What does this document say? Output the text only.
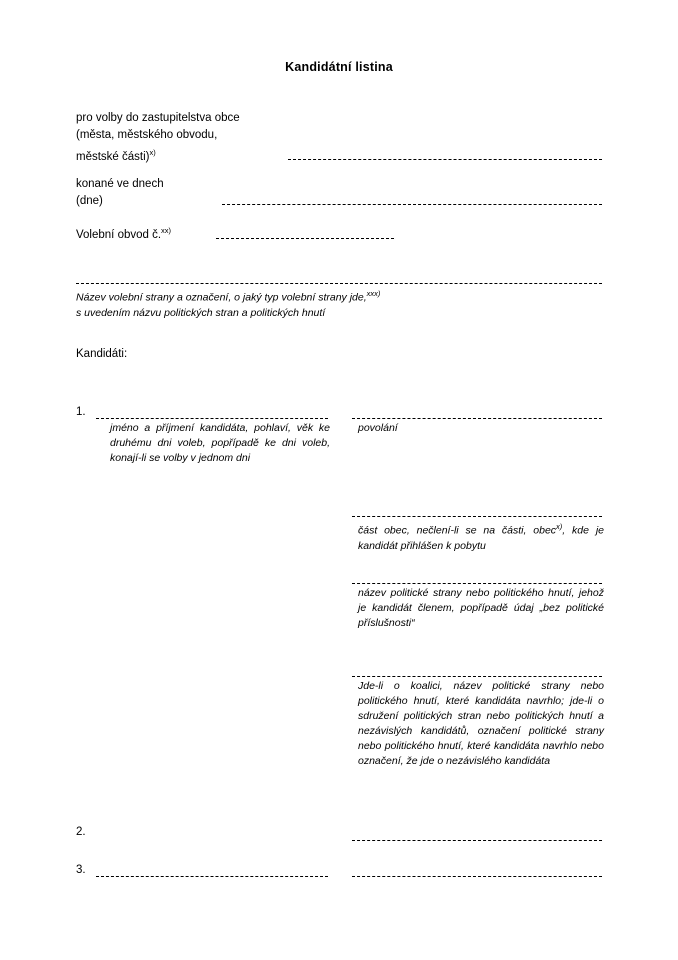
Kandidátní listina
pro volby do zastupitelstva obce
(města, městského obvodu,
městské části)$^{x)}$
konané ve dnech
(dne)
Volební obvod č.$^{xx)}$
Název volební strany a označení, o jaký typ volební strany jde,$^{xxx)}$
s uvedením názvu politických stran a politických hnutí
Kandidáti:
1.
jméno a příjmení kandidáta, pohlaví, věk ke druhému dni voleb, popřípadě ke dni voleb, konají-li se volby v jednom dni
povolání
část obec, nečlení-li se na části, obec$^{x)}$, kde je kandidát přihlášen k pobytu
název politické strany nebo politického hnutí, jehož je kandidát členem, popřípadě údaj „bez politické příslušnosti“
Jde-li o koalici, název politické strany nebo politického hnutí, které kandidáta navrhlo; jde-li o sdružení politických stran nebo politických hnutí a nezávislých kandidátů, označení politické strany nebo politického hnutí, které kandidáta navrhlo nebo označení, že jde o nezávislého kandidáta
2.
3.
